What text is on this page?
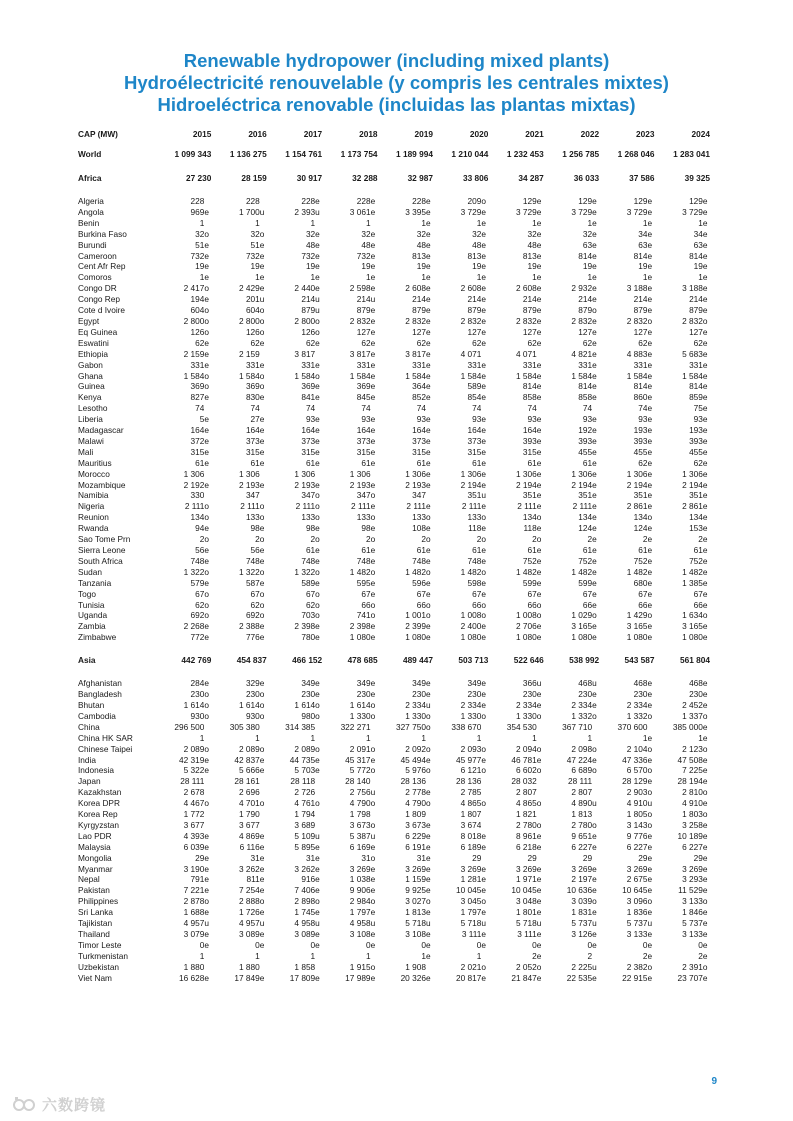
Renewable hydropower (including mixed plants)
Hydroélectricité renouvelable (y compris les centrales mixtes)
Hidroeléctrica renovable (incluidas las plantas mixtas)
CAP (MW)	2015		2016		2017		2018		2019		2020		2021		2022		2023		2024	
World	1 099 343		1 136 275		1 154 761		1 173 754		1 189 994		1 210 044		1 232 453		1 256 785		1 268 046		1 283 041	

Africa	27 230		28 159		30 917		32 288		32 987		33 806		34 287		36 033		37 586		39 325	

Algeria	228		228		228	e	228	e	228	e	209	o	129	e	129	e	129	e	129	e
Angola	969	e	1 700	u	2 393	u	3 061	e	3 395	e	3 729	e	3 729	e	3 729	e	3 729	e	3 729	e
Benin	1		1		1		1		1	e	1	e	1	e	1	e	1	e	1	e
Burkina Faso	32	o	32	o	32	e	32	e	32	e	32	e	32	e	32	e	34	e	34	e
Burundi	51	e	51	e	48	e	48	e	48	e	48	e	48	e	63	e	63	e	63	e
Cameroon	732	e	732	e	732	e	732	e	813	e	813	e	813	e	814	e	814	e	814	e
Cent Afr Rep	19	e	19	e	19	e	19	e	19	e	19	e	19	e	19	e	19	e	19	e
Comoros	1	e	1	e	1	e	1	e	1	e	1	e	1	e	1	e	1	e	1	e
Congo DR	2 417	o	2 429	e	2 440	e	2 598	e	2 608	e	2 608	e	2 608	e	2 932	e	3 188	e	3 188	e
Congo Rep	194	e	201	u	214	u	214	u	214	e	214	e	214	e	214	e	214	e	214	e
Cote d Ivoire	604	o	604	o	879	u	879	e	879	e	879	e	879	e	879	o	879	e	879	e
Egypt	2 800	o	2 800	o	2 800	o	2 832	e	2 832	e	2 832	e	2 832	e	2 832	e	2 832	o	2 832	o
Eq Guinea	126	o	126	o	126	o	127	e	127	e	127	e	127	e	127	e	127	e	127	e
Eswatini	62	e	62	e	62	e	62	e	62	e	62	e	62	e	62	e	62	e	62	e
Ethiopia	2 159	e	2 159		3 817		3 817	e	3 817	e	4 071		4 071		4 821	e	4 883	e	5 683	e
Gabon	331	e	331	e	331	e	331	e	331	e	331	e	331	e	331	e	331	e	331	e
Ghana	1 584	o	1 584	o	1 584	o	1 584	e	1 584	e	1 584	e	1 584	e	1 584	e	1 584	e	1 584	e
Guinea	369	o	369	o	369	e	369	e	364	e	589	e	814	e	814	e	814	e	814	e
Kenya	827	e	830	e	841	e	845	e	852	e	854	e	858	e	858	e	860	e	859	e
Lesotho	74		74		74		74		74		74		74		74		74	e	75	e
Liberia	5	e	27	e	93	e	93	e	93	e	93	e	93	e	93	e	93	e	93	e
Madagascar	164	e	164	e	164	e	164	e	164	e	164	e	164	e	192	e	193	e	193	e
Malawi	372	e	373	e	373	e	373	e	373	e	373	e	393	e	393	e	393	e	393	e
Mali	315	e	315	e	315	e	315	e	315	e	315	e	315	e	455	e	455	e	455	e
Mauritius	61	e	61	e	61	e	61	e	61	e	61	e	61	e	61	e	62	e	62	e
Morocco	1 306		1 306		1 306		1 306		1 306	e	1 306	e	1 306	e	1 306	e	1 306	e	1 306	e
Mozambique	2 192	e	2 193	e	2 193	e	2 193	e	2 193	e	2 194	e	2 194	e	2 194	e	2 194	e	2 194	e
Namibia	330		347		347	o	347	o	347		351	u	351	e	351	e	351	e	351	e
Nigeria	2 111	o	2 111	o	2 111	o	2 111	e	2 111	e	2 111	e	2 111	e	2 111	e	2 861	e	2 861	e
Reunion	134	o	133	o	133	o	133	o	133	o	133	o	134	o	134	e	134	o	134	e
Rwanda	94	e	98	e	98	e	98	e	108	e	118	e	118	e	124	e	124	e	153	e
Sao Tome Prn	2	o	2	o	2	o	2	o	2	o	2	o	2	o	2	e	2	e	2	e
Sierra Leone	56	e	56	e	61	e	61	e	61	e	61	e	61	e	61	e	61	e	61	e
South Africa	748	e	748	e	748	e	748	e	748	e	748	e	752	e	752	e	752	e	752	e
Sudan	1 322	o	1 322	o	1 322	o	1 482	o	1 482	o	1 482	o	1 482	e	1 482	e	1 482	e	1 482	e
Tanzania	579	e	587	e	589	e	595	e	596	e	598	e	599	e	599	e	680	e	1 385	e
Togo	67	o	67	o	67	o	67	e	67	e	67	e	67	e	67	e	67	e	67	e
Tunisia	62	o	62	o	62	o	66	o	66	o	66	o	66	o	66	e	66	e	66	e
Uganda	692	o	692	o	703	o	741	o	1 001	o	1 008	o	1 008	o	1 029	o	1 429	o	1 634	o
Zambia	2 268	e	2 388	e	2 398	e	2 398	e	2 399	e	2 400	e	2 706	e	3 165	e	3 165	e	3 165	e
Zimbabwe	772	e	776	e	780	e	1 080	e	1 080	e	1 080	e	1 080	e	1 080	e	1 080	e	1 080	e

Asia	442 769		454 837		466 152		478 685		489 447		503 713		522 646		538 992		543 587		561 804	

Afghanistan	284	e	329	e	349	e	349	e	349	e	349	e	366	u	468	u	468	e	468	e
Bangladesh	230	o	230	o	230	e	230	e	230	e	230	e	230	e	230	e	230	e	230	e
Bhutan	1 614	o	1 614	o	1 614	o	1 614	o	2 334	u	2 334	e	2 334	e	2 334	e	2 334	e	2 452	e
Cambodia	930	o	930	o	980	o	1 330	o	1 330	o	1 330	o	1 330	o	1 332	o	1 332	o	1 337	o
China	296 500		305 380		314 385		322 271		327 750	o	338 670		354 530		367 710		370 600		385 000	e
China HK SAR	1		1		1		1		1		1		1		1		1	e	1	e
Chinese Taipei	2 089	o	2 089	o	2 089	o	2 091	o	2 092	o	2 093	o	2 094	o	2 098	o	2 104	o	2 123	o
India	42 319	e	42 837	e	44 735	e	45 317	e	45 494	e	45 977	e	46 781	e	47 224	e	47 336	e	47 508	e
Indonesia	5 322	e	5 666	e	5 703	e	5 772	o	5 976	o	6 121	o	6 602	o	6 689	o	6 570	o	7 225	e
Japan	28 111		28 161		28 118		28 140		28 136		28 136		28 032		28 111		28 129	e	28 194	e
Kazakhstan	2 678		2 696		2 726		2 756	u	2 778	e	2 785		2 807		2 807		2 903	o	2 810	o
Korea DPR	4 467	o	4 701	o	4 761	o	4 790	o	4 790	o	4 865	o	4 865	o	4 890	u	4 910	u	4 910	e
Korea Rep	1 772		1 790		1 794		1 798		1 809		1 807		1 821		1 813		1 805	o	1 803	o
Kyrgyzstan	3 677		3 677		3 689		3 673	o	3 673	e	3 674		2 780	o	2 780	o	3 143	o	3 258	e
Lao PDR	4 393	e	4 869	e	5 109	u	5 387	u	6 229	e	8 018	e	8 961	e	9 651	e	9 776	e	10 189	e
Malaysia	6 039	e	6 116	e	5 895	e	6 169	e	6 191	e	6 189	e	6 218	e	6 227	e	6 227	e	6 227	e
Mongolia	29	e	31	e	31	e	31	o	31	e	29		29		29		29	e	29	e
Myanmar	3 190	e	3 262	e	3 262	e	3 269	e	3 269	e	3 269	e	3 269	e	3 269	e	3 269	e	3 269	e
Nepal	791	e	811	e	916	e	1 038	e	1 159	e	1 281	e	1 971	e	2 197	e	2 675	e	3 293	e
Pakistan	7 221	e	7 254	e	7 406	e	9 906	e	9 925	e	10 045	e	10 045	e	10 636	e	10 645	e	11 529	e
Philippines	2 878	o	2 888	o	2 898	o	2 984	o	3 027	o	3 045	o	3 048	e	3 039	o	3 096	o	3 133	o
Sri Lanka	1 688	e	1 726	e	1 745	e	1 797	e	1 813	e	1 797	e	1 801	e	1 831	e	1 836	e	1 846	e
Tajikistan	4 957	u	4 957	u	4 958	u	4 958	u	5 718	u	5 718	u	5 718	u	5 737	u	5 737	u	5 737	e
Thailand	3 079	e	3 089	e	3 089	e	3 108	e	3 108	e	3 111	e	3 111	e	3 126	e	3 133	e	3 133	e
Timor Leste	0	e	0	e	0	e	0	e	0	e	0	e	0	e	0	e	0	e	0	e
Turkmenistan	1		1		1		1		1	e	1		2	e	2		2	e	2	e
Uzbekistan	1 880		1 880		1 858		1 915	o	1 908		2 021	o	2 052	o	2 225	u	2 382	o	2 391	o
Viet Nam	16 628	e	17 849	e	17 809	e	17 989	e	20 326	e	20 817	e	21 847	e	22 535	e	22 915	e	23 707	e

9
六数跨镜
